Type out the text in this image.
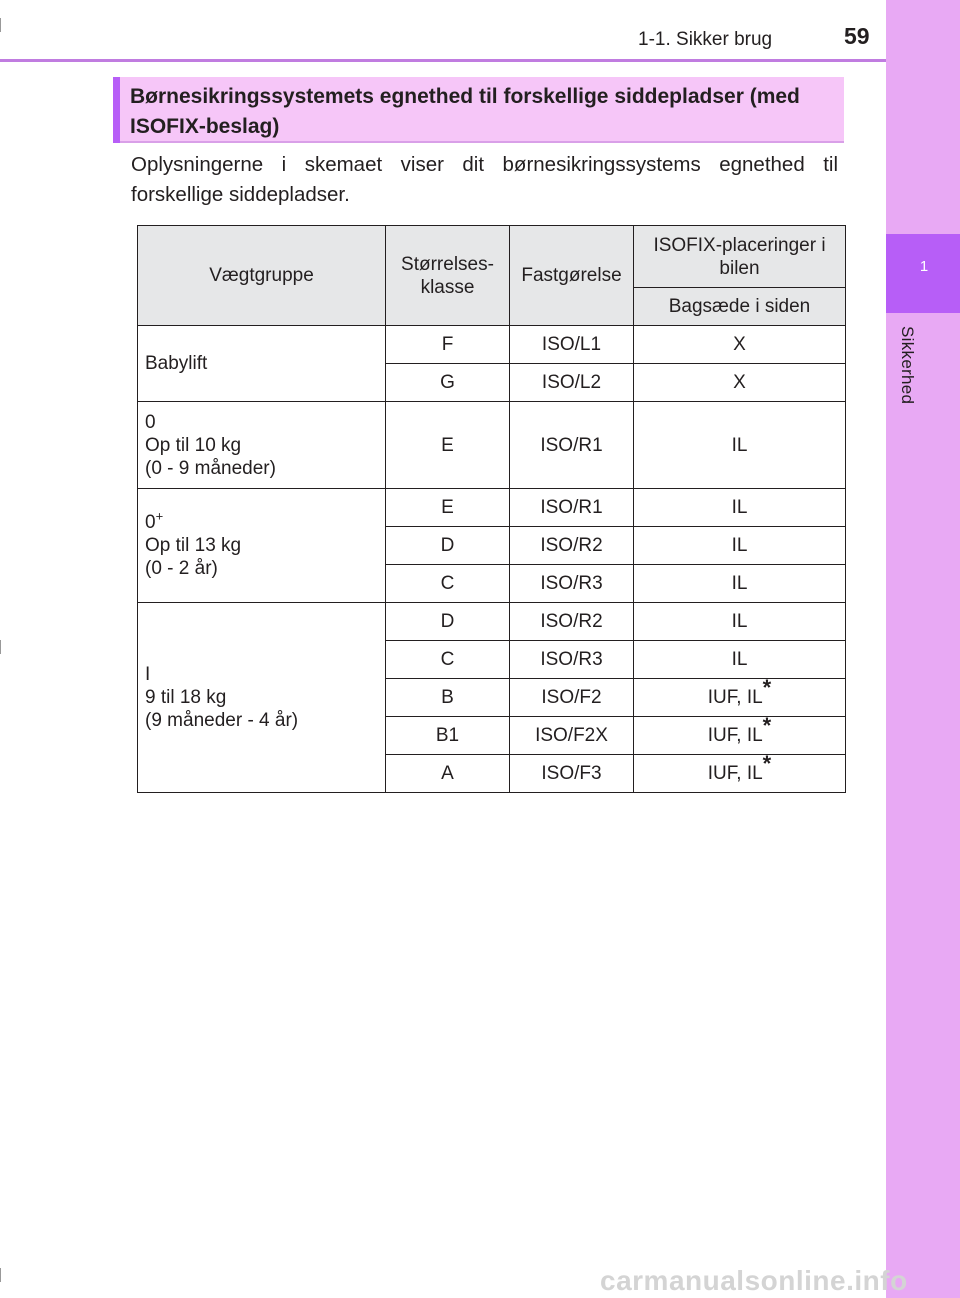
1
Sikkerhed
1-1. Sikker brug	59
Børnesikringssystemets egnethed til forskellige siddepladser (med ISOFIX-beslag)

Oplysningerne i skemaet viser dit børnesikringssystems egnethed til forskellige siddepladser.

Vægtgruppe	Størrelses-klasse	Fastgørelse	ISOFIX-placeringer i bilen
			Bagsæde i siden
Babylift	F	ISO/L1	X
	G	ISO/L2	X

0
Op til 10 kg
(0 - 9 måneder)	E	ISO/R1	IL

0+
Op til 13 kg
(0 - 2 år)	E	ISO/R1	IL
	D	ISO/R2	IL
	C	ISO/R3	IL

I
9 til 18 kg
(9 måneder - 4 år)	D	ISO/R2	IL
	C	ISO/R3	IL
	B	ISO/F2	IUF, IL*
	B1	ISO/F2X	IUF, IL*
	A	ISO/F3	IUF, IL*
carmanualsonline.info
